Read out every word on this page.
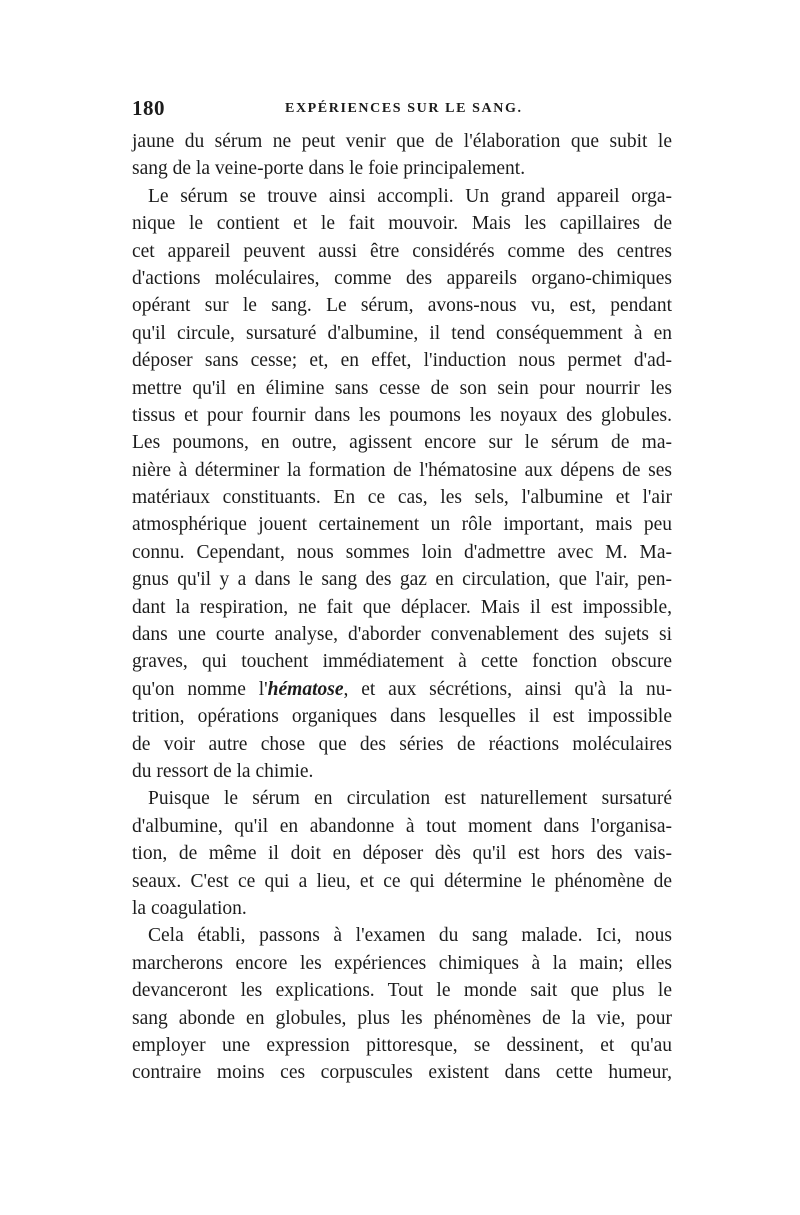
180	EXPÉRIENCES SUR LE SANG.
jaune du sérum ne peut venir que de l'élaboration que subit le
sang de la veine-porte dans le foie principalement.
Le sérum se trouve ainsi accompli. Un grand appareil orga-
nique le contient et le fait mouvoir. Mais les capillaires de
cet appareil peuvent aussi être considérés comme des centres
d'actions moléculaires, comme des appareils organo-chimiques
opérant sur le sang. Le sérum, avons-nous vu, est, pendant
qu'il circule, sursaturé d'albumine, il tend conséquemment à en
déposer sans cesse; et, en effet, l'induction nous permet d'ad-
mettre qu'il en élimine sans cesse de son sein pour nourrir les
tissus et pour fournir dans les poumons les noyaux des globules.
Les poumons, en outre, agissent encore sur le sérum de ma-
nière à déterminer la formation de l'hématosine aux dépens de ses
matériaux constituants. En ce cas, les sels, l'albumine et l'air
atmosphérique jouent certainement un rôle important, mais peu
connu. Cependant, nous sommes loin d'admettre avec M. Ma-
gnus qu'il y a dans le sang des gaz en circulation, que l'air, pen-
dant la respiration, ne fait que déplacer. Mais il est impossible,
dans une courte analyse, d'aborder convenablement des sujets si
graves, qui touchent immédiatement à cette fonction obscure
qu'on nomme l'hématose, et aux sécrétions, ainsi qu'à la nu-
trition, opérations organiques dans lesquelles il est impossible
de voir autre chose que des séries de réactions moléculaires
du ressort de la chimie.
Puisque le sérum en circulation est naturellement sursaturé
d'albumine, qu'il en abandonne à tout moment dans l'organisa-
tion, de même il doit en déposer dès qu'il est hors des vais-
seaux. C'est ce qui a lieu, et ce qui détermine le phénomène de
la coagulation.
Cela établi, passons à l'examen du sang malade. Ici, nous
marcherons encore les expériences chimiques à la main; elles
devanceront les explications. Tout le monde sait que plus le
sang abonde en globules, plus les phénomènes de la vie, pour
employer une expression pittoresque, se dessinent, et qu'au
contraire moins ces corpuscules existent dans cette humeur,
